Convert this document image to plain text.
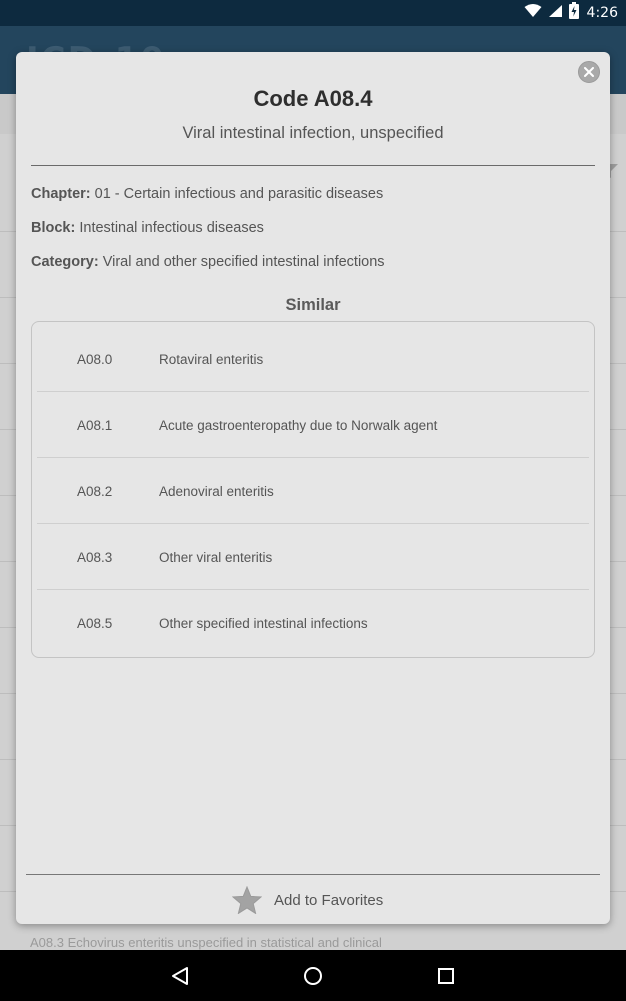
4:26
A08.3 Echovirus enteritis unspecified in statistical and clinical
Code A08.4
Viral intestinal infection, unspecified
Chapter: 01 - Certain infectious and parasitic diseases
Block: Intestinal infectious diseases
Category: Viral and other specified intestinal infections
Similar
A08.0	Rotaviral enteritis
A08.1	Acute gastroenteropathy due to Norwalk agent
A08.2	Adenoviral enteritis
A08.3	Other viral enteritis
A08.5	Other specified intestinal infections
Add to Favorites
